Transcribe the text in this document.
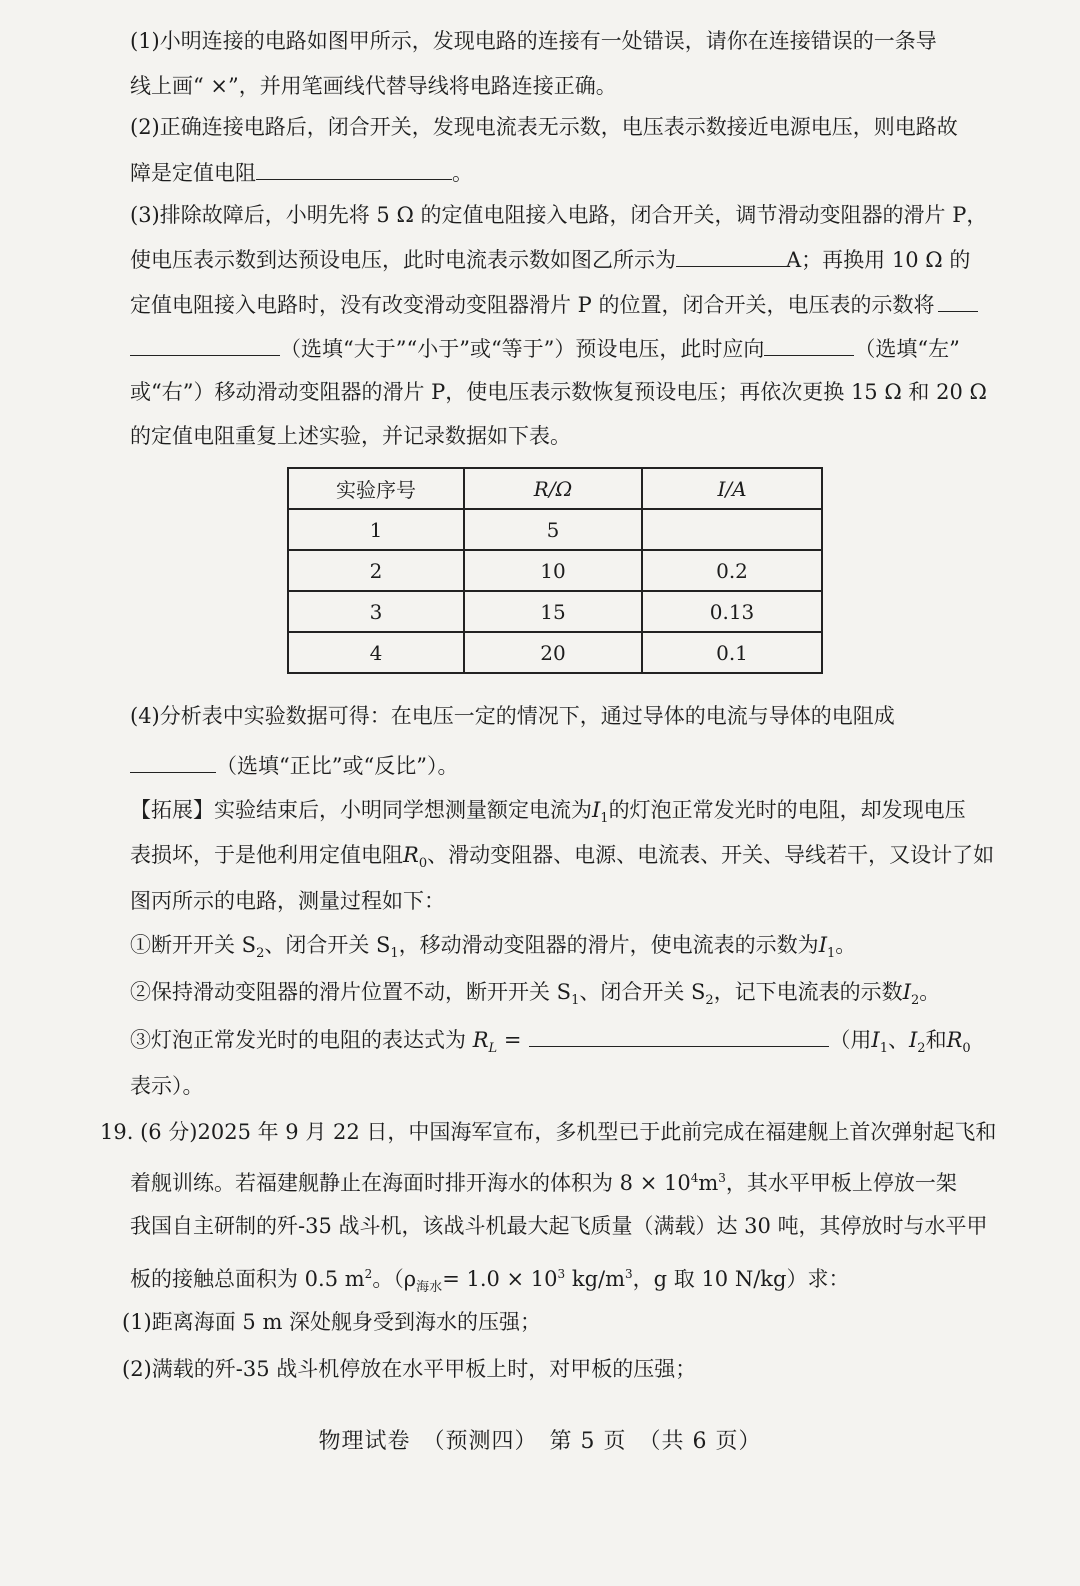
(1)小明连接的电路如图甲所示，发现电路的连接有一处错误，请你在连接错误的一条导
线上画“ ×”，并用笔画线代替导线将电路连接正确。
(2)正确连接电路后，闭合开关，发现电流表无示数，电压表示数接近电源电压，则电路故
障是定值电阻	。
(3)排除故障后，小明先将 5 Ω 的定值电阻接入电路，闭合开关，调节滑动变阻器的滑片 P，
使电压表示数到达预设电压，此时电流表示数如图乙所示为	A；再换用 10 Ω 的
定值电阻接入电路时，没有改变滑动变阻器滑片 P 的位置，闭合开关，电压表的示数将
（选填“大于”“小于”或“等于”）预设电压，此时应向	（选填“左”
或“右”）移动滑动变阻器的滑片 P，使电压表示数恢复预设电压；再依次更换 15 Ω 和 20 Ω
的定值电阻重复上述实验，并记录数据如下表。
实验序号	R/Ω	I/A
1	5	
2	10	0.2
3	15	0.13
4	20	0.1
(4)分析表中实验数据可得：在电压一定的情况下，通过导体的电流与导体的电阻成
（选填“正比”或“反比”）。
【拓展】实验结束后，小明同学想测量额定电流为$I_1$的灯泡正常发光时的电阻，却发现电压
表损坏，于是他利用定值电阻$R_0$、滑动变阻器、电源、电流表、开关、导线若干，又设计了如
图丙所示的电路，测量过程如下：
①断开开关 $S_2$、闭合开关 $S_1$，移动滑动变阻器的滑片，使电流表的示数为$I_1$。
②保持滑动变阻器的滑片位置不动，断开开关 $S_1$、闭合开关 $S_2$，记下电流表的示数$I_2$。
③灯泡正常发光时的电阻的表达式为 $R_L$ =	（用$I_1$、$I_2$和$R_0$
表示）。
19. (6 分)2025 年 9 月 22 日，中国海军宣布，多机型已于此前完成在福建舰上首次弹射起飞和
着舰训练。若福建舰静止在海面时排开海水的体积为 $8 \times 10^4m^3$，其水平甲板上停放一架
我国自主研制的歼-35 战斗机，该战斗机最大起飞质量（满载）达 30 吨，其停放时与水平甲
板的接触总面积为 0.5 $m^2$。（$\rho_{海水}= 1.0 \times 10^3$ $kg/m^3$，g 取 10 N/kg）求：
(1)距离海面 5 m 深处舰身受到海水的压强；
(2)满载的歼-35 战斗机停放在水平甲板上时，对甲板的压强；
物理试卷　（预测四）　第 5 页　（共 6 页）
